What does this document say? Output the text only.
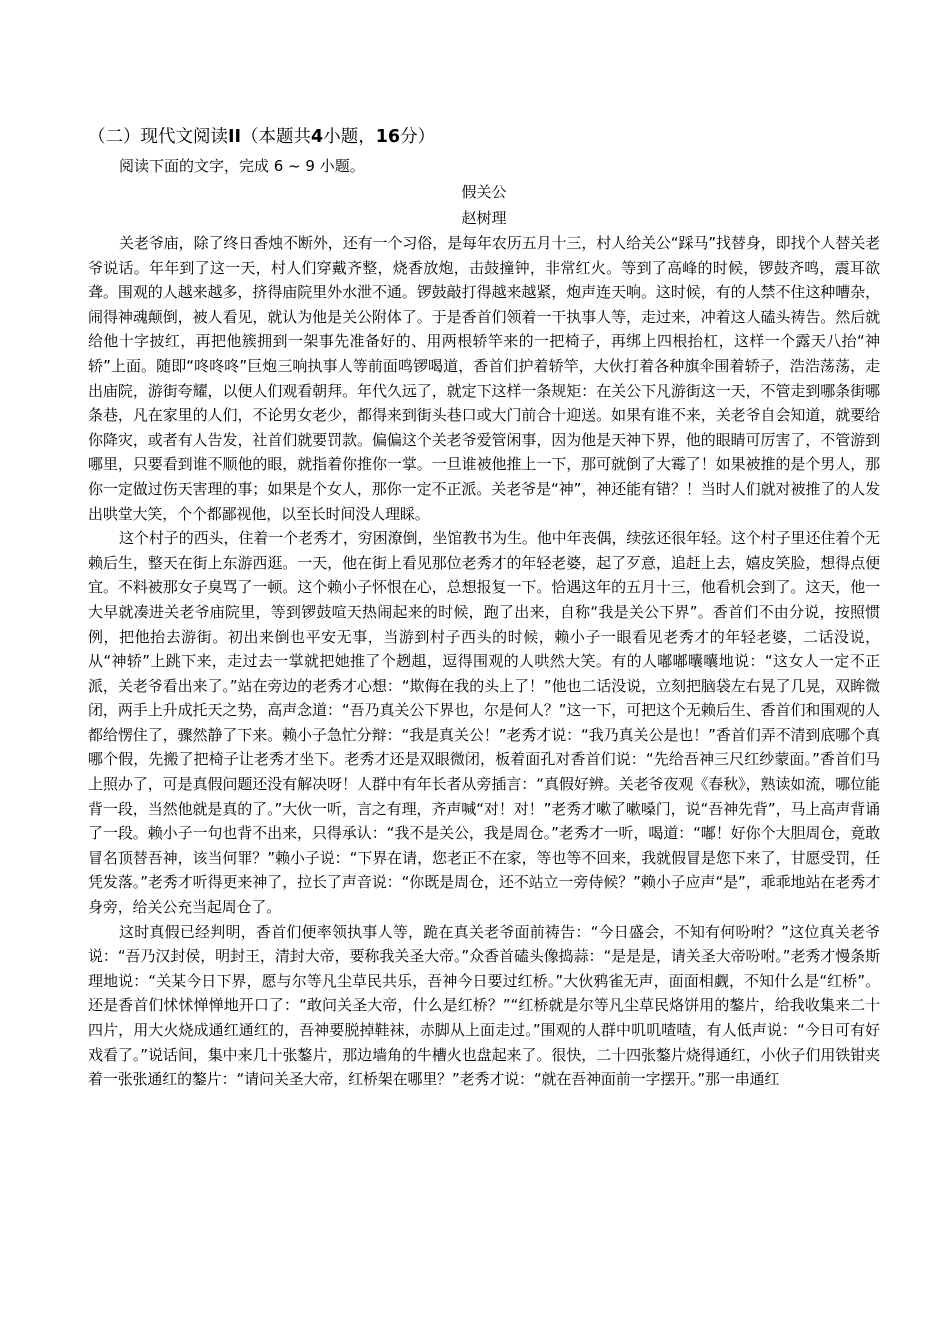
（二）现代文阅读II（本题共4小题，16分）

阅读下面的文字，完成 6 ~ 9 小题。

假关公

赵树理

关老爷庙，除了终日香烛不断外，还有一个习俗，是每年农历五月十三，村人给关公“踩马”找替身，即找个人替关老爷说话。年年到了这一天，村人们穿戴齐整，烧香放炮，击鼓撞钟，非常红火。等到了高峰的时候，锣鼓齐鸣，震耳欲聋。围观的人越来越多，挤得庙院里外水泄不通。锣鼓敲打得越来越紧，炮声连天响。这时候，有的人禁不住这种嘈杂，闹得神魂颠倒，被人看见，就认为他是关公附体了。于是香首们领着一干执事人等，走过来，冲着这人磕头祷告。然后就给他十字披红，再把他簇拥到一架事先准备好的、用两根轿竿来的一把椅子，再绑上四根抬杠，这样一个露天八抬“神轿”上面。随即“咚咚咚”巨炮三响执事人等前面鸣锣喝道，香首们护着轿竿，大伙打着各种旗伞围着轿子，浩浩荡荡，走出庙院，游街夸耀，以便人们观看朝拜。年代久远了，就定下这样一条规矩：在关公下凡游街这一天，不管走到哪条街哪条巷，凡在家里的人们，不论男女老少，都得来到街头巷口或大门前合十迎送。如果有谁不来，关老爷自会知道，就要给你降灾，或者有人告发，社首们就要罚款。偏偏这个关老爷爱管闲事，因为他是天神下界，他的眼睛可厉害了，不管游到哪里，只要看到谁不顺他的眼，就指着你推你一掌。一旦谁被他推上一下，那可就倒了大霉了！如果被推的是个男人，那你一定做过伤天害理的事；如果是个女人，那你一定不正派。关老爷是“神”，神还能有错？！当时人们就对被推了的人发出哄堂大笑，个个都鄙视他，以至长时间没人理睬。

这个村子的西头，住着一个老秀才，穷困潦倒，坐馆教书为生。他中年丧偶，续弦还很年轻。这个村子里还住着个无赖后生，整天在街上东游西逛。一天，他在街上看见那位老秀才的年轻老婆，起了歹意，追赶上去，嬉皮笑脸，想得点便宜。不料被那女子臭骂了一顿。这个赖小子怀恨在心，总想报复一下。恰遇这年的五月十三，他看机会到了。这天，他一大早就凑进关老爷庙院里，等到锣鼓喧天热闹起来的时候，跑了出来，自称“我是关公下界”。香首们不由分说，按照惯例，把他抬去游街。初出来倒也平安无事，当游到村子西头的时候，赖小子一眼看见老秀才的年轻老婆，二话没说，从“神轿”上跳下来，走过去一掌就把她推了个趔趄，逗得围观的人哄然大笑。有的人嘟嘟囔囔地说：“这女人一定不正派，关老爷看出来了。”站在旁边的老秀才心想：“欺侮在我的头上了！”他也二话没说，立刻把脑袋左右晃了几晃，双眸微闭，两手上升成托天之势，高声念道：“吾乃真关公下界也，尔是何人？”这一下，可把这个无赖后生、香首们和围观的人都给愣住了，骤然静了下来。赖小子急忙分辩：“我是真关公！”老秀才说：“我乃真关公是也！”香首们弄不清到底哪个真哪个假，先搬了把椅子让老秀才坐下。老秀才还是双眼微闭，板着面孔对香首们说：“先给吾神三尺红纱蒙面。”香首们马上照办了，可是真假问题还没有解决呀！人群中有年长者从旁插言：“真假好辨。关老爷夜观《春秋》，熟读如流，哪位能背一段，当然他就是真的了。”大伙一听，言之有理，齐声喊“对！对！”老秀才嗽了嗽嗓门，说“吾神先背”，马上高声背诵了一段。赖小子一句也背不出来，只得承认：“我不是关公，我是周仓。”老秀才一听，喝道：“嘟！好你个大胆周仓，竟敢冒名顶替吾神，该当何罪？”赖小子说：“下界在请，您老正不在家，等也等不回来，我就假冒是您下来了，甘愿受罚，任凭发落。”老秀才听得更来神了，拉长了声音说：“你既是周仓，还不站立一旁侍候？”赖小子应声“是”，乖乖地站在老秀才身旁，给关公充当起周仓了。

这时真假已经判明，香首们便率领执事人等，跪在真关老爷面前祷告：“今日盛会，不知有何吩咐？”这位真关老爷说：“吾乃汉封侯，明封王，清封大帝，要称我关圣大帝。”众香首磕头像捣蒜：“是是是，请关圣大帝吩咐。”老秀才慢条斯理地说：“关某今日下界，愿与尔等凡尘草民共乐，吾神今日要过红桥。”大伙鸦雀无声，面面相觑，不知什么是“红桥”。还是香首们怵怵惮惮地开口了：“敢问关圣大帝，什么是红桥？”“红桥就是尔等凡尘草民烙饼用的鏊片，给我收集来二十四片，用大火烧成通红通红的，吾神要脱掉鞋袜，赤脚从上面走过。”围观的人群中叽叽喳喳，有人低声说：“今日可有好戏看了。”说话间，集中来几十张鏊片，那边墙角的牛槽火也盘起来了。很快，二十四张鏊片烧得通红，小伙子们用铁钳夹着一张张通红的鏊片：“请问关圣大帝，红桥架在哪里？”老秀才说：“就在吾神面前一字摆开。”那一串通红
